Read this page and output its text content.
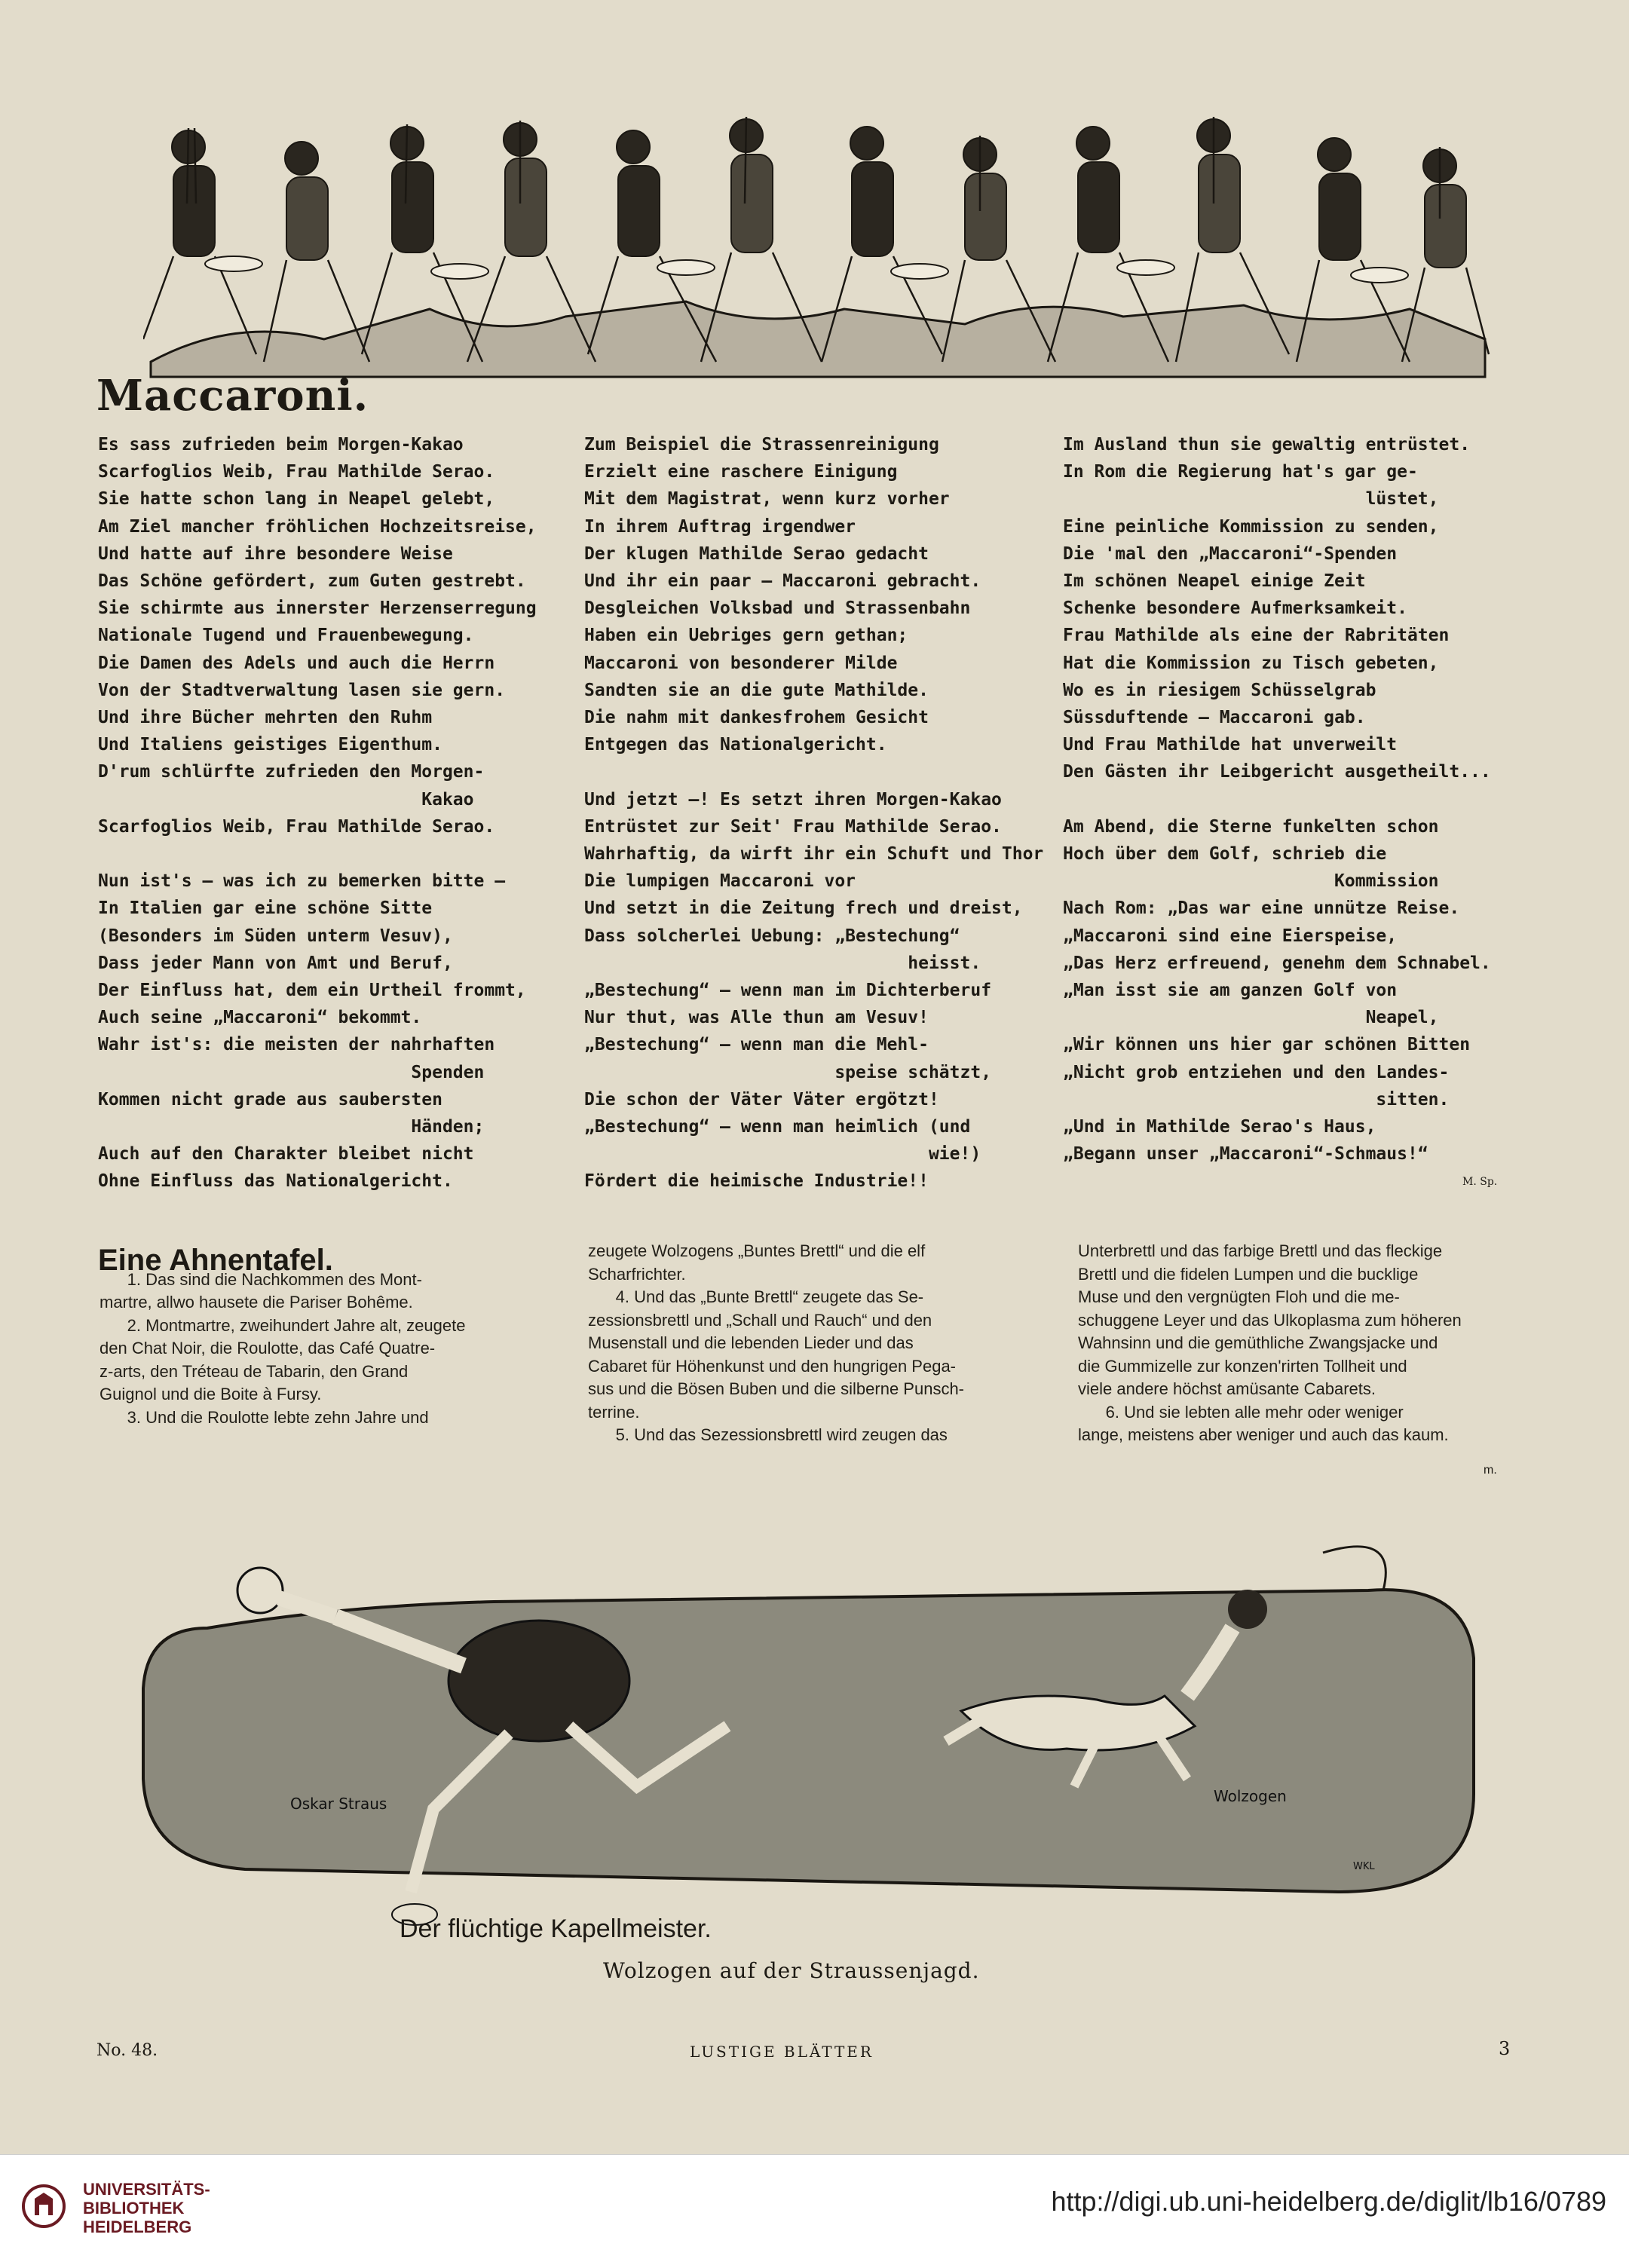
Maccaroni.
Es sass zufrieden beim Morgen-Kakao
Scarfoglios Weib, Frau Mathilde Serao.
Sie hatte schon lang in Neapel gelebt,
Am Ziel mancher fröhlichen Hochzeitsreise,
Und hatte auf ihre besondere Weise
Das Schöne gefördert, zum Guten gestrebt.
Sie schirmte aus innerster Herzenserregung
Nationale Tugend und Frauenbewegung.
Die Damen des Adels und auch die Herrn
Von der Stadtverwaltung lasen sie gern.
Und ihre Bücher mehrten den Ruhm
Und Italiens geistiges Eigenthum.
D'rum schlürfte zufrieden den Morgen-
Kakao
Scarfoglios Weib, Frau Mathilde Serao.

Nun ist's — was ich zu bemerken bitte —
In Italien gar eine schöne Sitte
(Besonders im Süden unterm Vesuv),
Dass jeder Mann von Amt und Beruf,
Der Einfluss hat, dem ein Urtheil frommt,
Auch seine „Maccaroni“ bekommt.
Wahr ist's: die meisten der nahrhaften
Spenden
Kommen nicht grade aus saubersten
Händen;
Auch auf den Charakter bleibet nicht
Ohne Einfluss das Nationalgericht.
Zum Beispiel die Strassenreinigung
Erzielt eine raschere Einigung
Mit dem Magistrat, wenn kurz vorher
In ihrem Auftrag irgendwer
Der klugen Mathilde Serao gedacht
Und ihr ein paar — Maccaroni gebracht.
Desgleichen Volksbad und Strassenbahn
Haben ein Uebriges gern gethan;
Maccaroni von besonderer Milde
Sandten sie an die gute Mathilde.
Die nahm mit dankesfrohem Gesicht
Entgegen das Nationalgericht.

Und jetzt —! Es setzt ihren Morgen-Kakao
Entrüstet zur Seit' Frau Mathilde Serao.
Wahrhaftig, da wirft ihr ein Schuft und Thor
Die lumpigen Maccaroni vor
Und setzt in die Zeitung frech und dreist,
Dass solcherlei Uebung: „Bestechung“
heisst.
„Bestechung“ — wenn man im Dichterberuf
Nur thut, was Alle thun am Vesuv!
„Bestechung“ — wenn man die Mehl-
speise schätzt,
Die schon der Väter Väter ergötzt!
„Bestechung“ — wenn man heimlich (und
wie!)
Fördert die heimische Industrie!!
Im Ausland thun sie gewaltig entrüstet.
In Rom die Regierung hat's gar ge-
lüstet,
Eine peinliche Kommission zu senden,
Die 'mal den „Maccaroni“-Spenden
Im schönen Neapel einige Zeit
Schenke besondere Aufmerksamkeit.
Frau Mathilde als eine der Rabritäten
Hat die Kommission zu Tisch gebeten,
Wo es in riesigem Schüsselgrab
Süssduftende — Maccaroni gab.
Und Frau Mathilde hat unverweilt
Den Gästen ihr Leibgericht ausgetheilt...

Am Abend, die Sterne funkelten schon
Hoch über dem Golf, schrieb die
Kommission
Nach Rom: „Das war eine unnütze Reise.
„Maccaroni sind eine Eierspeise,
„Das Herz erfreuend, genehm dem Schnabel.
„Man isst sie am ganzen Golf von
Neapel,
„Wir können uns hier gar schönen Bitten
„Nicht grob entziehen und den Landes-
sitten.
„Und in Mathilde Serao's Haus,
„Begann unser „Maccaroni“-Schmaus!“
M. Sp.
Eine Ahnentafel.

1. Das sind die Nachkommen des Mont-
martre, allwo hausete die Pariser Bohême.
2. Montmartre, zweihundert Jahre alt, zeugete
den Chat Noir, die Roulotte, das Café Quatre-
z-arts, den Tréteau de Tabarin, den Grand
Guignol und die Boite à Fursy.
3. Und die Roulotte lebte zehn Jahre und
zeugete Wolzogens „Buntes Brettl“ und die elf
Scharfrichter.
4. Und das „Bunte Brettl“ zeugete das Se-
zessionsbrettl und „Schall und Rauch“ und den
Musenstall und die lebenden Lieder und das
Cabaret für Höhenkunst und den hungrigen Pega-
sus und die Bösen Buben und die silberne Punsch-
terrine.
5. Und das Sezessionsbrettl wird zeugen das
Unterbrettl und das farbige Brettl und das fleckige
Brettl und die fidelen Lumpen und die bucklige
Muse und den vergnügten Floh und die me-
schuggene Leyer und das Ulkoplasma zum höheren
Wahnsinn und die gemüthliche Zwangsjacke und
die Gummizelle zur konzen'rirten Tollheit und
viele andere höchst amüsante Cabarets.
6. Und sie lebten alle mehr oder weniger
lange, meistens aber weniger und auch das kaum.
m.
Oskar Straus	Wolzogen
WKL
Der flüchtige Kapellmeister.
Wolzogen auf der Straussenjagd.
No. 48.	LUSTIGE BLÄTTER	3
UNIVERSITÄTS-
BIBLIOTHEK
HEIDELBERG
http://digi.ub.uni-heidelberg.de/diglit/lb16/0789
